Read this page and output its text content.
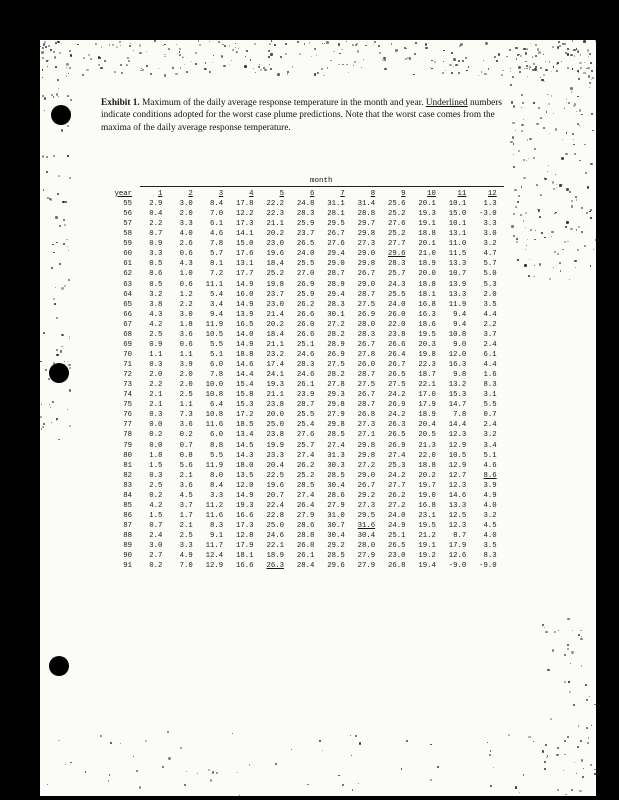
Exhibit 1. Maximum of the daily average response temperature in the month and year. Underlined numbers indicate conditions adopted for the worst case plume predictions. Note that the worst case comes from the maxima of the daily average response temperature.
month
year	1	2	3	4	5	6	7	8	9	10	11	12
55	2.9	3.0	8.4	17.8	22.2	24.8	31.1	31.4	25.6	20.1	10.1	1.3
56	0.4	2.0	7.0	12.2	22.3	28.3	28.1	28.8	25.2	19.3	15.0	-3.0
57	2.2	3.3	6.1	17.3	21.1	25.9	29.5	29.7	27.6	19.1	10.1	3.3
58	0.7	4.0	4.6	14.1	20.2	23.7	26.7	29.8	25.2	18.8	13.1	3.0
59	0.9	2.6	7.8	15.0	23.0	26.5	27.6	27.3	27.7	20.1	11.0	3.2
60	3.3	0.6	5.7	17.6	19.6	24.0	29.4	29.0	29.6	21.0	11.5	4.7
61	0.5	4.3	8.1	13.1	18.4	25.5	29.0	29.8	28.3	18.9	13.3	5.7
62	0.6	1.0	7.2	17.7	25.2	27.0	28.7	26.7	25.7	20.0	10.7	5.0
63	0.5	0.6	11.1	14.9	19.8	26.9	28.9	29.0	24.3	18.8	13.9	5.3
64	3.2	1.2	5.4	16.0	23.7	25.9	29.4	28.7	25.5	18.1	13.3	2.0
65	3.8	2.2	3.4	14.9	23.0	26.2	28.3	27.5	24.0	16.8	11.9	3.5
66	4.3	3.0	9.4	13.9	21.4	26.6	30.1	26.9	26.0	16.3	9.4	4.4
67	4.2	1.8	11.9	16.5	20.2	26.0	27.2	28.0	22.0	18.6	9.4	2.2
68	2.5	3.6	10.5	14.0	18.4	26.6	28.2	28.3	23.8	19.5	10.8	3.7
69	0.9	0.6	5.5	14.9	21.1	25.1	28.9	26.7	26.6	20.3	9.0	2.4
70	1.1	1.1	5.1	18.8	23.2	24.6	26.9	27.8	26.4	19.8	12.0	6.1
71	0.3	3.9	6.0	14.6	17.4	28.3	27.5	26.0	26.7	22.3	16.3	4.4
72	2.0	2.0	7.8	14.4	24.1	24.6	28.2	28.7	26.5	18.7	9.8	1.6
73	2.2	2.0	10.0	15.4	19.3	26.1	27.8	27.5	27.5	22.1	13.2	8.3
74	2.1	2.5	10.8	15.8	21.1	23.9	29.3	26.7	24.2	17.0	15.3	3.1
75	2.1	1.1	6.4	15.3	23.8	28.7	29.8	28.7	26.9	17.9	14.7	5.5
76	0.3	7.3	10.8	17.2	20.0	25.5	27.9	26.8	24.2	18.9	7.8	0.7
77	0.0	3.6	11.6	18.5	25.0	25.4	29.8	27.3	26.3	20.4	14.4	2.4
78	0.2	0.2	6.0	13.4	23.8	27.6	28.5	27.1	26.5	20.5	12.3	3.2
79	0.0	0.7	8.8	14.5	19.9	25.7	27.4	29.8	26.9	21.3	12.9	3.4
80	1.8	0.8	5.5	14.3	23.3	27.4	31.3	29.8	27.4	22.0	10.5	5.1
81	1.5	5.6	11.9	18.0	20.4	26.2	30.3	27.2	25.3	18.8	12.9	4.6
82	0.3	2.1	8.0	13.5	22.5	25.2	28.5	29.0	24.2	20.2	12.7	8.6
83	2.5	3.6	8.4	12.0	19.6	28.5	30.4	26.7	27.7	19.7	12.3	3.9
84	0.2	4.5	3.3	14.9	20.7	27.4	28.6	29.2	26.2	19.0	14.6	4.9
85	4.2	3.7	11.2	19.3	22.4	26.4	27.9	27.3	27.2	16.8	13.3	4.0
86	1.5	1.7	11.6	16.6	22.8	27.9	31.0	29.5	24.0	23.1	12.5	3.2
87	0.7	2.1	8.3	17.3	25.0	28.6	30.7	31.6	24.9	19.5	12.3	4.5
88	2.4	2.5	9.1	12.8	24.6	28.8	30.4	30.4	25.1	21.2	8.7	4.0
89	3.0	3.3	11.7	17.9	22.1	26.8	29.2	28.0	26.5	19.1	17.9	3.5
90	2.7	4.9	12.4	18.1	18.9	26.1	28.5	27.9	23.0	19.2	12.6	8.3
91	0.2	7.0	12.9	16.6	26.3	28.4	29.6	27.9	26.8	19.4	-9.0	-9.0
